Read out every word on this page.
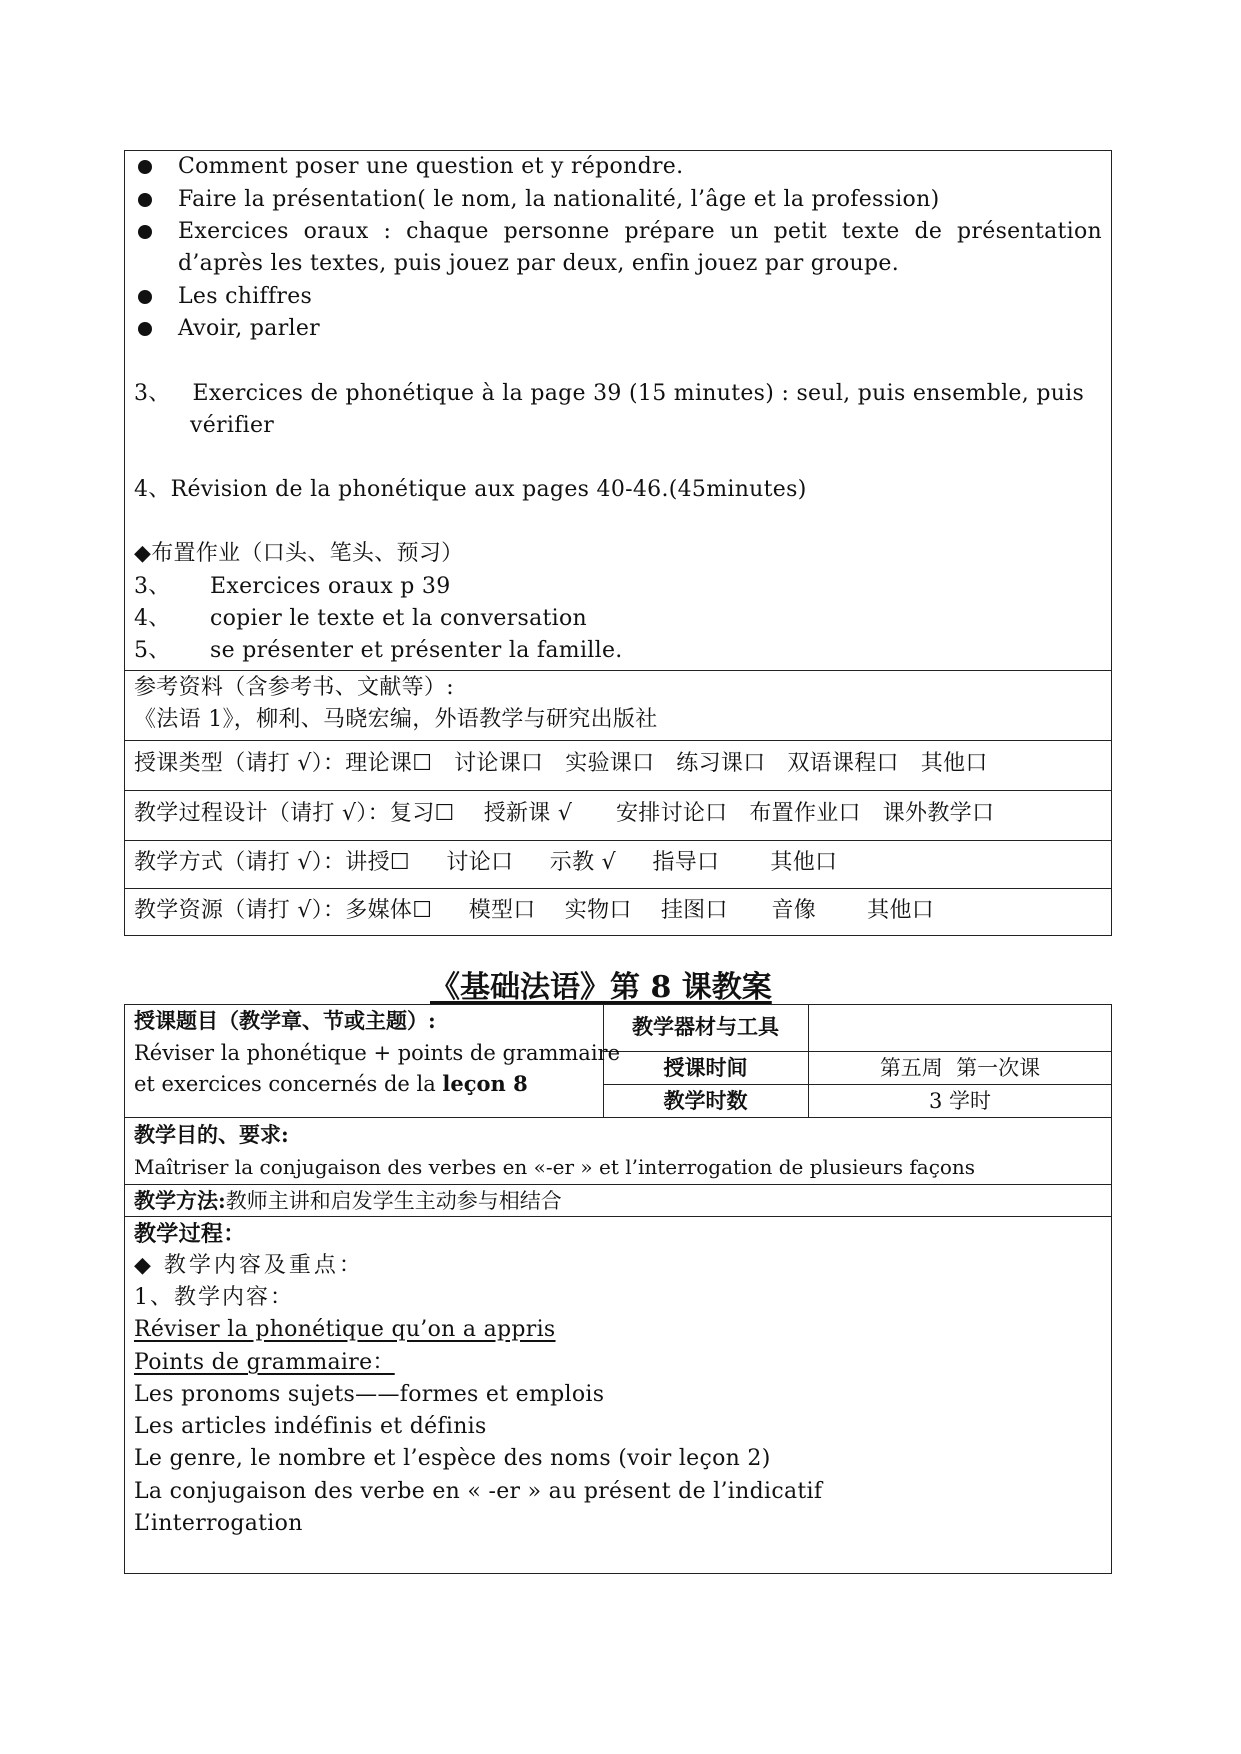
Comment poser une question et y répondre.
Faire la présentation( le nom, la nationalité, l’âge et la profession)
Exercices oraux : chaque personne prépare un petit texte de présentation
d’après les textes, puis jouez par deux, enfin jouez par groupe.
Les chiffres
Avoir, parler
3、   Exercices de phonétique à la page 39 (15 minutes) : seul, puis ensemble, puis
vérifier
4、Révision de la phonétique aux pages 40-46.(45minutes)
◆布置作业（口头、笔头、预习）
3、 Exercices oraux p 39
4、 copier le texte et la conversation
5、 se présenter et présenter la famille.
参考资料（含参考书、文献等）:
《法语 1》，柳利、马晓宏编，外语教学与研究出版社
授课类型（请打 √）：理论课☐   讨论课口   实验课口   练习课口   双语课程口   其他口
教学过程设计（请打 √）：复习☐    授新课 √      安排讨论口   布置作业口   课外教学口
教学方式（请打 √）：讲授☐     讨论口     示教 √     指导口       其他口
教学资源（请打 √）：多媒体☐     模型口    实物口    挂图口      音像       其他口
《基础法语》第 8 课教案
授课题目（教学章、节或主题）:
Réviser la phonétique + points de grammaire
et exercices concernés de la leçon 8
教学器材与工具
授课时间	第五周  第一次课
教学时数	3 学时
教学目的、要求:
Maîtriser la conjugaison des verbes en «-er » et l’interrogation de plusieurs façons
教学方法:教师主讲和启发学生主动参与相结合
教学过程：
◆ 教学内容及重点：
1、教学内容：
Réviser la phonétique qu’on a appris
Points de grammaire：
Les pronoms sujets——formes et emplois
Les articles indéfinis et définis
Le genre, le nombre et l’espèce des noms (voir leçon 2)
La conjugaison des verbe en « -er » au présent de l’indicatif
L’interrogation
